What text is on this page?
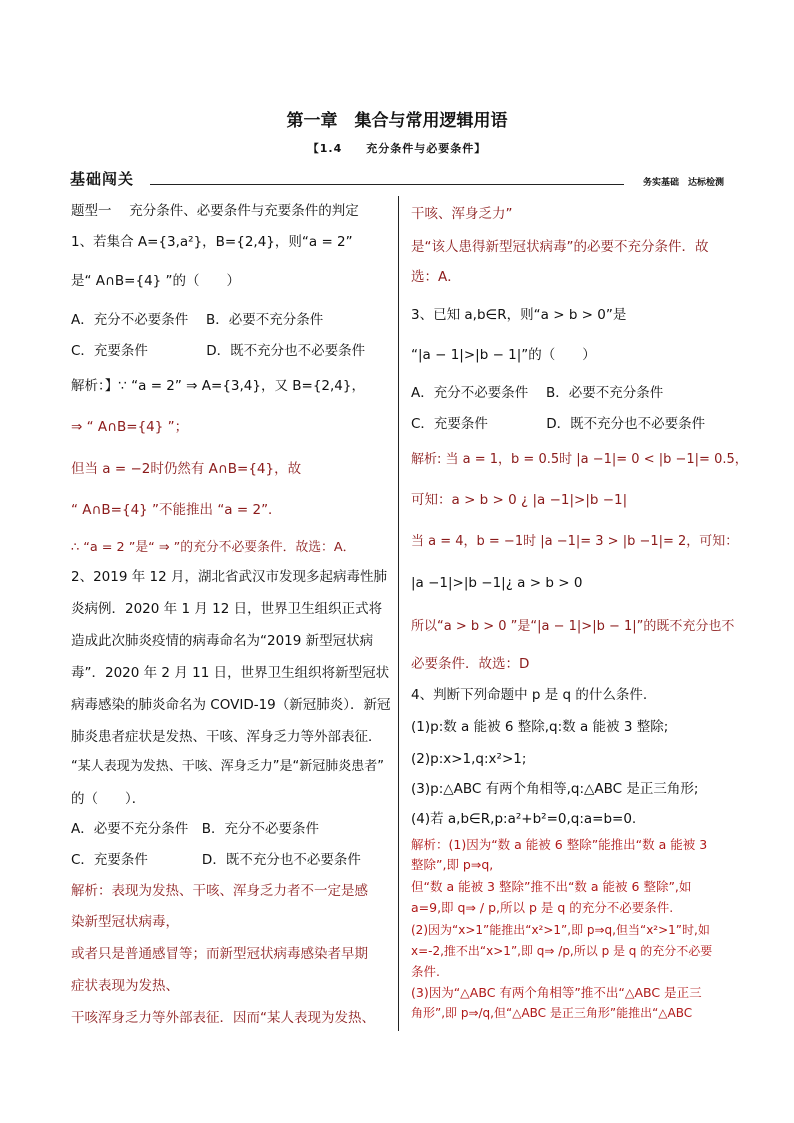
第一章　集合与常用逻辑用语
【1.4　　充分条件与必要条件】
基础闯关	务实基础　达标检测

题型一　 充分条件、必要条件与充要条件的判定

1、若集合 A={3,a²}，B={2,4}，则“a = 2”

是“ A∩B={4} ”的（　　）

A．充分不必要条件　 B．必要不充分条件

C．充要条件　　　　 D．既不充分也不必要条件

解析：】∵ “a = 2” ⇒ A={3,4}，又 B={2,4}，

⇒ “ A∩B={4} ”；

但当 a = −2时仍然有 A∩B={4}，故

“ A∩B={4} ”不能推出 “a = 2”．

∴ “a = 2 ”是“ ⇒ ”的充分不必要条件．故选：A．

2、2019 年 12 月，湖北省武汉市发现多起病毒性肺

炎病例．2020 年 1 月 12 日，世界卫生组织正式将

造成此次肺炎疫情的病毒命名为“2019 新型冠状病

毒”．2020 年 2 月 11 日，世界卫生组织将新型冠状

病毒感染的肺炎命名为 COVID-19（新冠肺炎）．新冠

肺炎患者症状是发热、干咳、浑身乏力等外部表征．

“某人表现为发热、干咳、浑身乏力”是“新冠肺炎患者”

的（　　）．

A．必要不充分条件　B．充分不必要条件

C．充要条件　　　　D．既不充分也不必要条件

解析：表现为发热、干咳、浑身乏力者不一定是感

染新型冠状病毒，

或者只是普通感冒等；而新型冠状病毒感染者早期

症状表现为发热、

干咳浑身乏力等外部表征．因而“某人表现为发热、

干咳、浑身乏力”

是“该人患得新型冠状病毒”的必要不充分条件．故

选：A．

3、已知 a,b∈R，则“a > b > 0”是

“|a − 1|>|b − 1|”的（　　）

A．充分不必要条件　 B．必要不充分条件

C．充要条件　　　　 D．既不充分也不必要条件

解析: 当 a = 1，b = 0.5时 |a −1|= 0 < |b −1|= 0.5，

可知：a > b > 0 ¿ |a −1|>|b −1|

当 a = 4，b = −1时 |a −1|= 3 > |b −1|= 2，可知：

|a −1|>|b −1|¿ a > b > 0

所以“a > b > 0 ”是“|a − 1|>|b − 1|”的既不充分也不

必要条件．故选：D

4、判断下列命题中 p 是 q 的什么条件.

(1)p:数 a 能被 6 整除,q:数 a 能被 3 整除;

(2)p:x>1,q:x²>1;

(3)p:△ABC 有两个角相等,q:△ABC 是正三角形;

(4)若 a,b∈R,p:a²+b²=0,q:a=b=0.

解析：(1)因为“数 a 能被 6 整除”能推出“数 a 能被 3

整除”,即 p⇒q,

但“数 a 能被 3 整除”推不出“数 a 能被 6 整除”,如

a=9,即 q⇒ / p,所以 p 是 q 的充分不必要条件.

(2)因为“x>1”能推出“x²>1”,即 p⇒q,但当“x²>1”时,如

x=-2,推不出“x>1”,即 q⇒ /p,所以 p 是 q 的充分不必要

条件.

(3)因为“△ABC 有两个角相等”推不出“△ABC 是正三

角形”,即 p⇒/q,但“△ABC 是正三角形”能推出“△ABC
